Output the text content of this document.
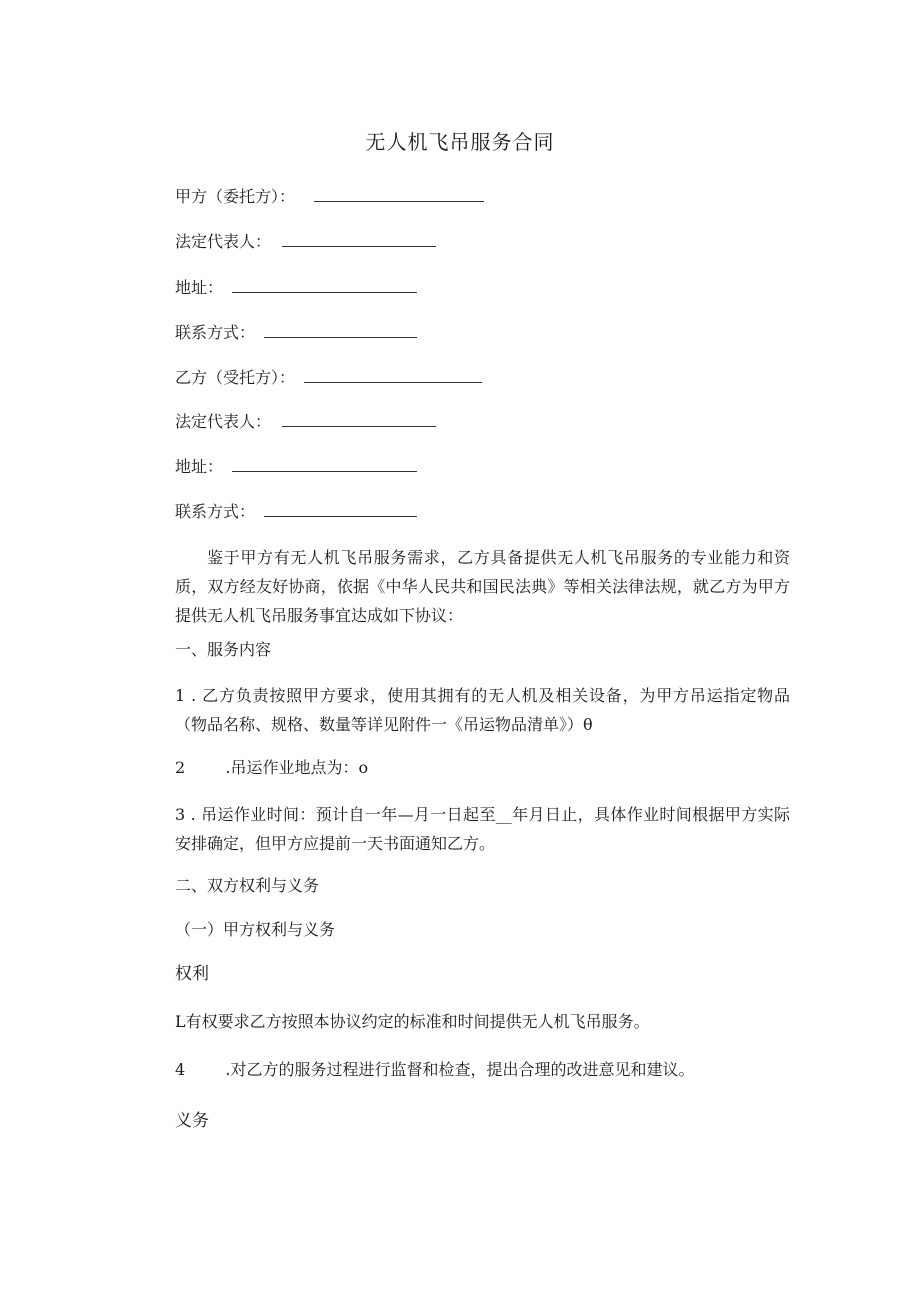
无人机飞吊服务合同
甲方（委托方）：
法定代表人：
地址：
联系方式：
乙方（受托方）：
法定代表人：
地址：
联系方式：
鉴于甲方有无人机飞吊服务需求，乙方具备提供无人机飞吊服务的专业能力和资质，双方经友好协商，依据《中华人民共和国民法典》等相关法律法规，就乙方为甲方提供无人机飞吊服务事宜达成如下协议：
一、服务内容
1 . 乙方负责按照甲方要求，使用其拥有的无人机及相关设备，为甲方吊运指定物品（物品名称、规格、数量等详见附件一《吊运物品清单》）θ
2	.吊运作业地点为：o
3 . 吊运作业时间：预计自一年—月一日起至__年月日止，具体作业时间根据甲方实际安排确定，但甲方应提前一天书面通知乙方。
二、双方权利与义务
（一）甲方权利与义务
权利
L有权要求乙方按照本协议约定的标准和时间提供无人机飞吊服务。
4	.对乙方的服务过程进行监督和检查，提出合理的改进意见和建议。
义务
